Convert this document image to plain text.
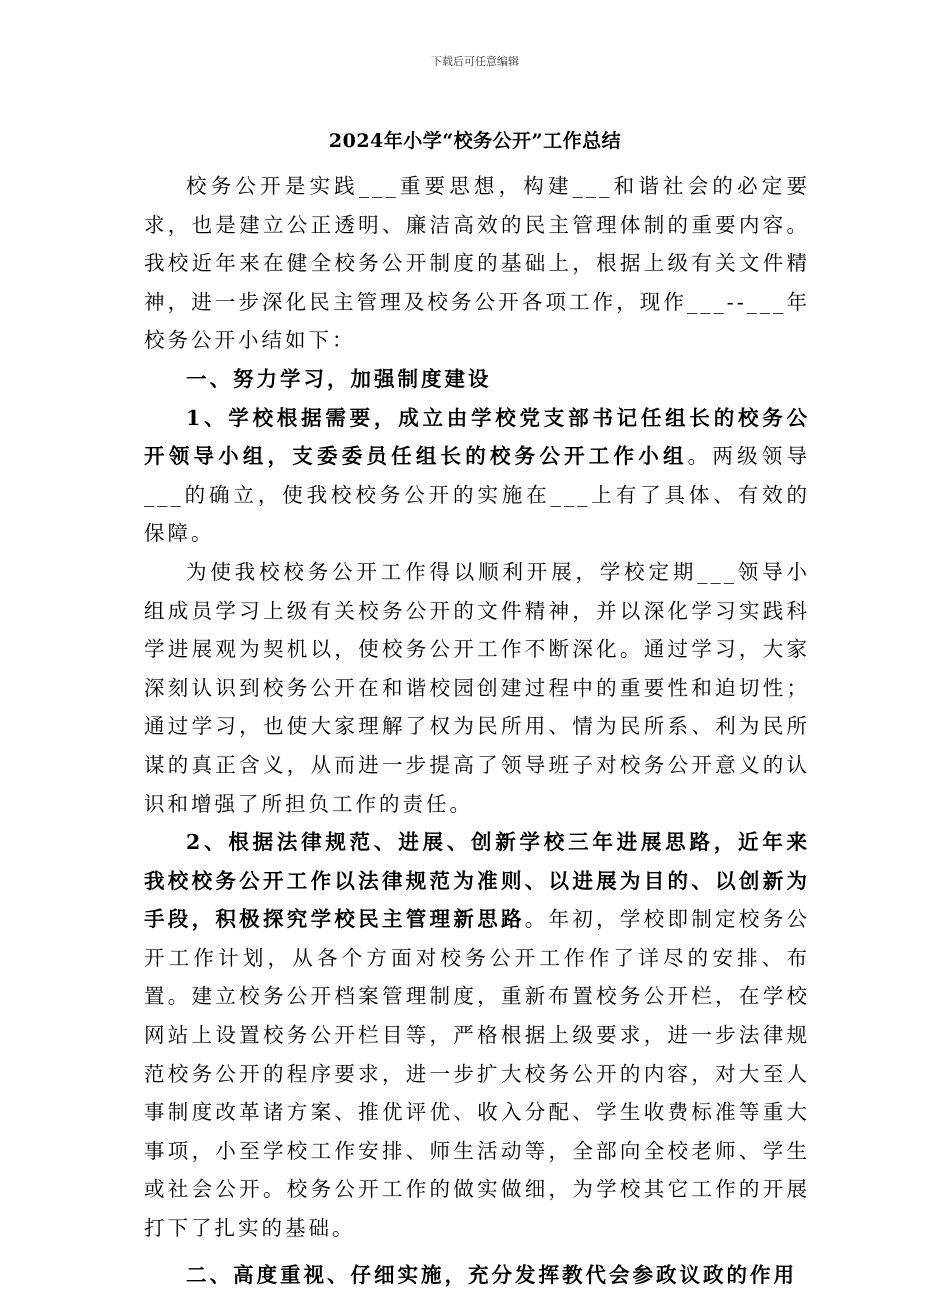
下载后可任意编辑
2024年小学“校务公开”工作总结

校务公开是实践___重要思想，构建___和谐社会的必定要求，也是建立公正透明、廉洁高效的民主管理体制的重要内容。我校近年来在健全校务公开制度的基础上，根据上级有关文件精神，进一步深化民主管理及校务公开各项工作，现作___--___年校务公开小结如下：

一、努力学习，加强制度建设

1、学校根据需要，成立由学校党支部书记任组长的校务公开领导小组，支委委员任组长的校务公开工作小组。两级领导___的确立，使我校校务公开的实施在___上有了具体、有效的保障。

为使我校校务公开工作得以顺利开展，学校定期___领导小组成员学习上级有关校务公开的文件精神，并以深化学习实践科学进展观为契机以，使校务公开工作不断深化。通过学习，大家深刻认识到校务公开在和谐校园创建过程中的重要性和迫切性；通过学习，也使大家理解了权为民所用、情为民所系、利为民所谋的真正含义，从而进一步提高了领导班子对校务公开意义的认识和增强了所担负工作的责任。

2、根据法律规范、进展、创新学校三年进展思路，近年来我校校务公开工作以法律规范为准则、以进展为目的、以创新为手段，积极探究学校民主管理新思路。年初，学校即制定校务公开工作计划，从各个方面对校务公开工作作了详尽的安排、布置。建立校务公开档案管理制度，重新布置校务公开栏，在学校网站上设置校务公开栏目等，严格根据上级要求，进一步法律规范校务公开的程序要求，进一步扩大校务公开的内容，对大至人事制度改革诸方案、推优评优、收入分配、学生收费标准等重大事项，小至学校工作安排、师生活动等，全部向全校老师、学生或社会公开。校务公开工作的做实做细，为学校其它工作的开展打下了扎实的基础。

二、高度重视、仔细实施，充分发挥教代会参政议政的作用
